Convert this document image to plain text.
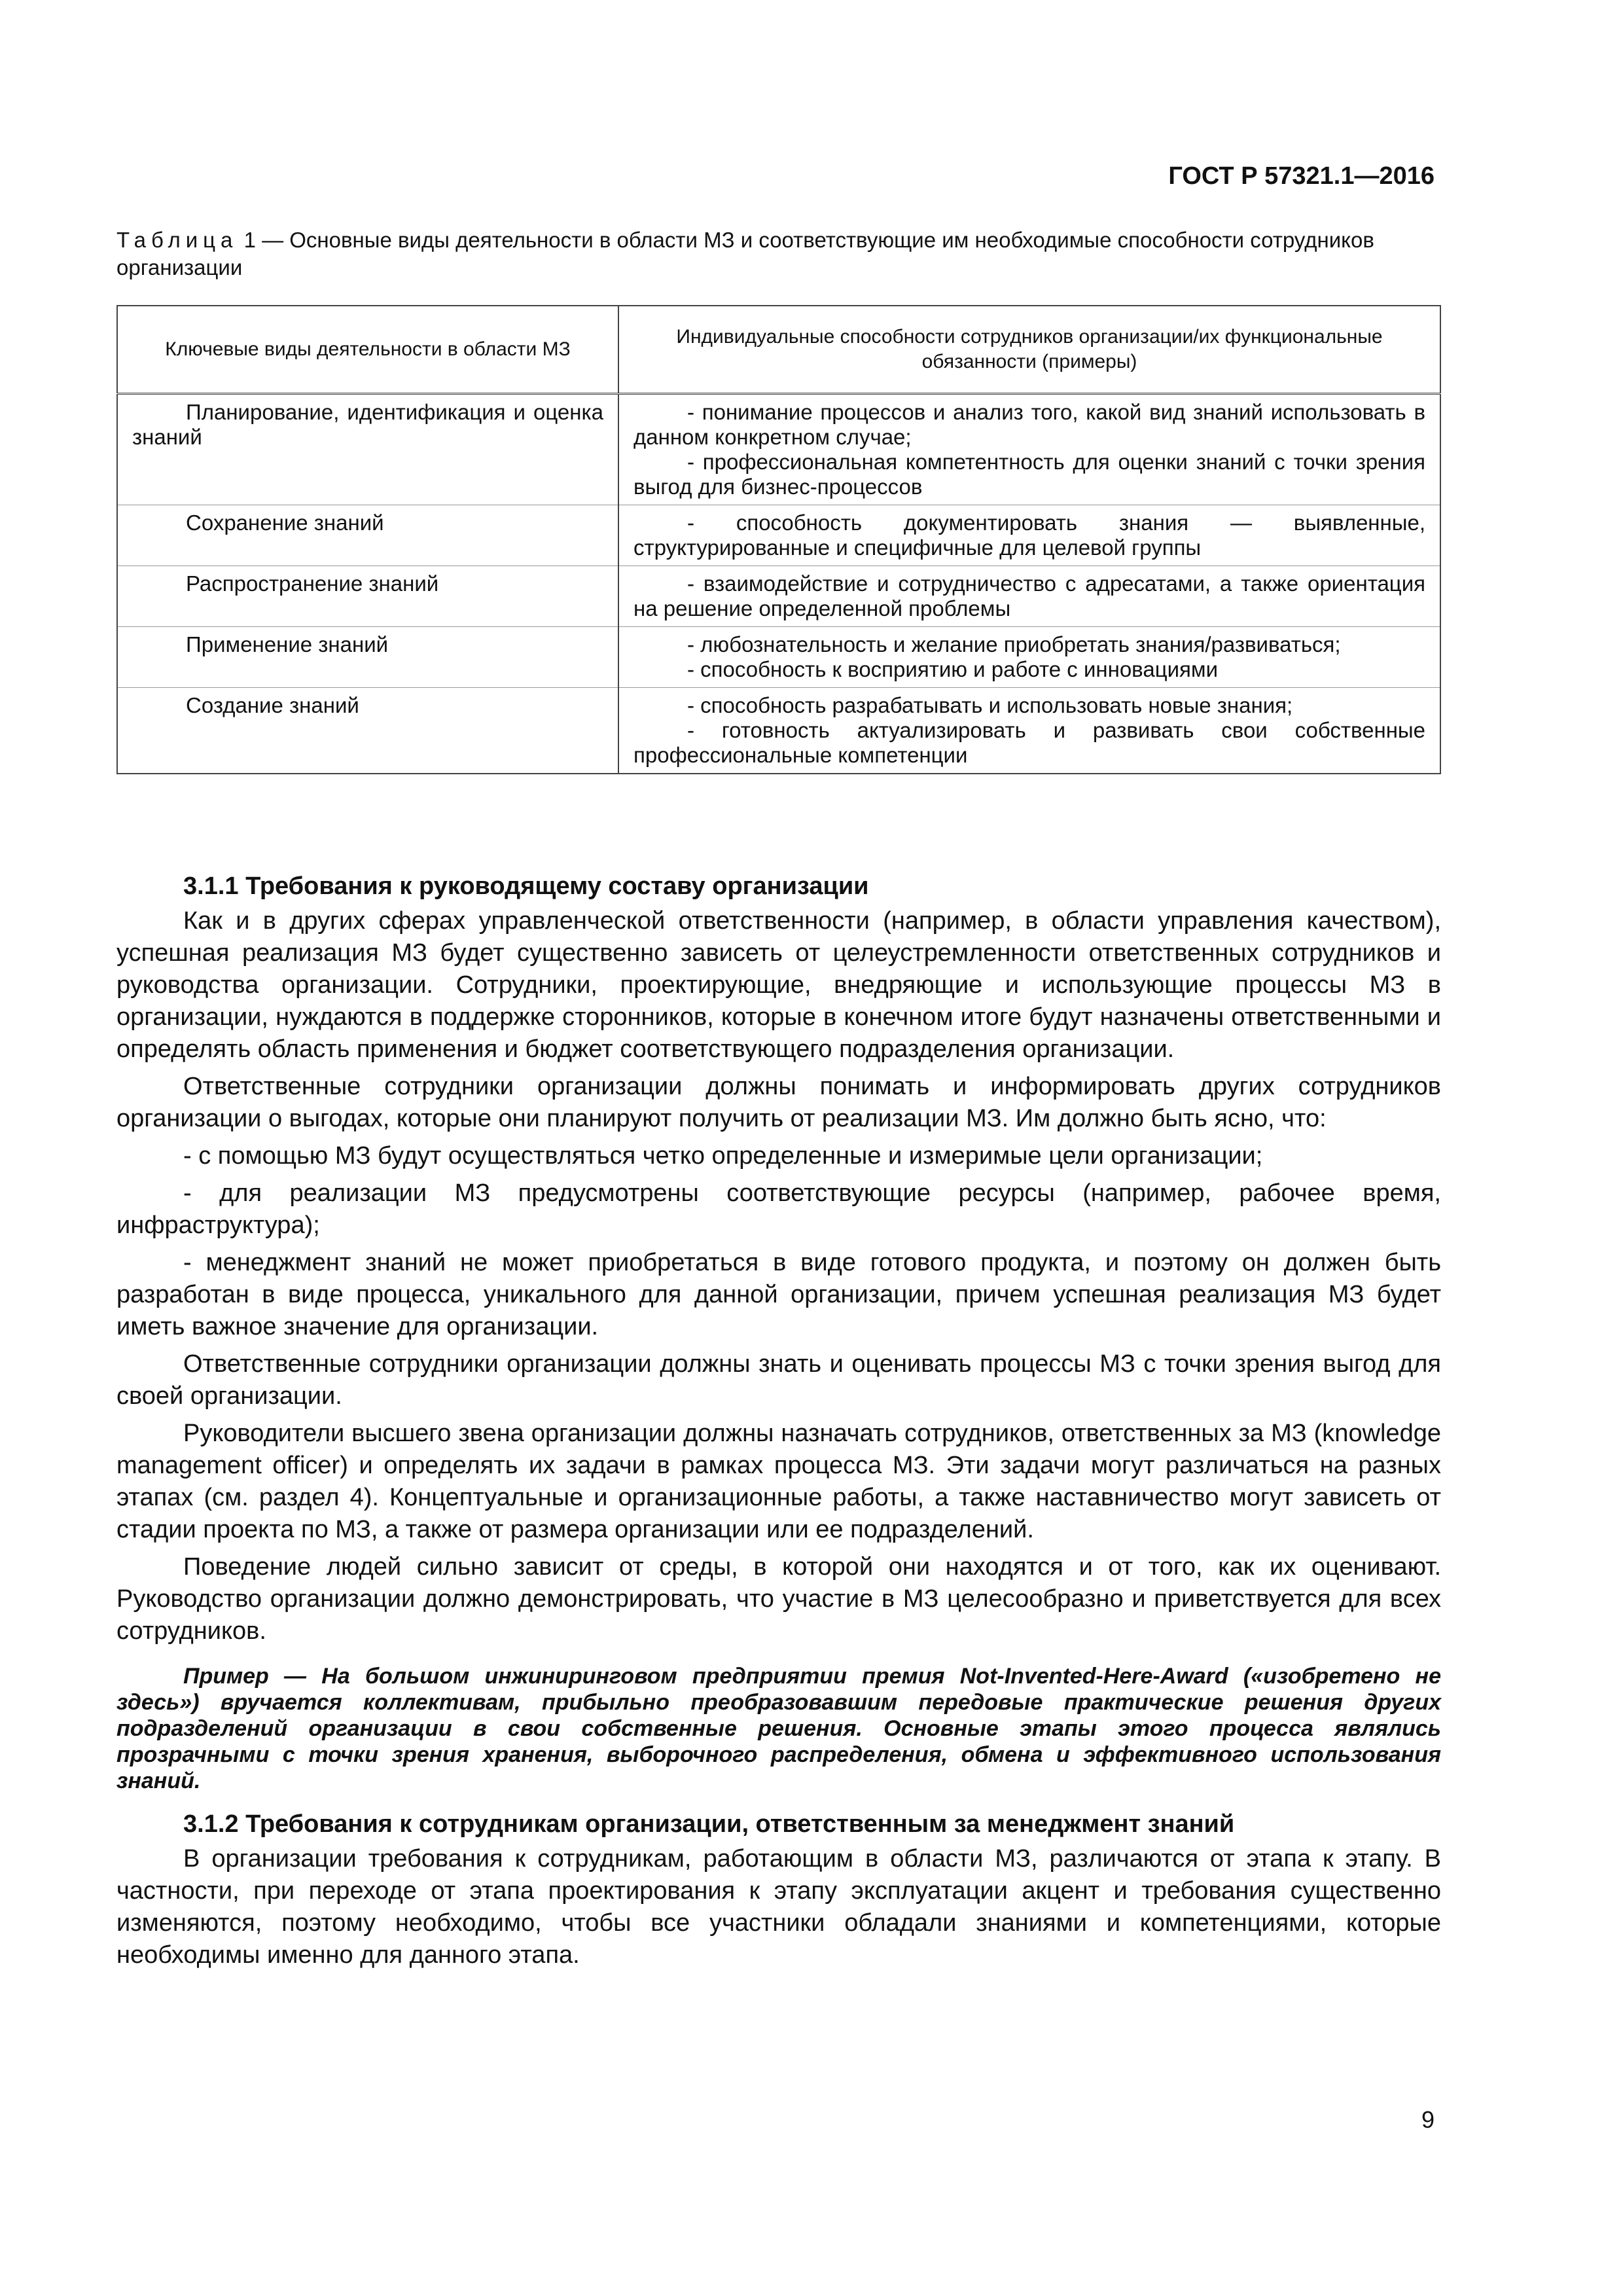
ГОСТ Р 57321.1—2016

Таблица 1 — Основные виды деятельности в области МЗ и соответствующие им необходимые способности сотрудников организации

Ключевые виды деятельности в области МЗ	Индивидуальные способности сотрудников организации/их функциональные обязанности (примеры)
Планирование, идентификация и оценка знаний	- понимание процессов и анализ того, какой вид знаний использовать в данном конкретном случае;

- профессиональная компетентность для оценки знаний с точки зрения выгод для бизнес-процессов

Сохранение знаний	- способность документировать знания — выявленные, структурированные и специфичные для целевой группы

Распространение знаний	- взаимодействие и сотрудничество с адресатами, а также ориентация на решение определенной проблемы

Применение знаний	- любознательность и желание приобретать знания/развиваться;

- способность к восприятию и работе с инновациями

Создание знаний	- способность разрабатывать и использовать новые знания;

- готовность актуализировать и развивать свои собственные профессиональные компетенции

3.1.1 Требования к руководящему составу организации

Как и в других сферах управленческой ответственности (например, в области управления качеством), успешная реализация МЗ будет существенно зависеть от целеустремленности ответственных сотрудников и руководства организации. Сотрудники, проектирующие, внедряющие и использующие процессы МЗ в организации, нуждаются в поддержке сторонников, которые в конечном итоге будут назначены ответственными и определять область применения и бюджет соответствующего подразделения организации.

Ответственные сотрудники организации должны понимать и информировать других сотрудников организации о выгодах, которые они планируют получить от реализации МЗ. Им должно быть ясно, что:

- с помощью МЗ будут осуществляться четко определенные и измеримые цели организации;

- для реализации МЗ предусмотрены соответствующие ресурсы (например, рабочее время, инфраструктура);

- менеджмент знаний не может приобретаться в виде готового продукта, и поэтому он должен быть разработан в виде процесса, уникального для данной организации, причем успешная реализация МЗ будет иметь важное значение для организации.

Ответственные сотрудники организации должны знать и оценивать процессы МЗ с точки зрения выгод для своей организации.

Руководители высшего звена организации должны назначать сотрудников, ответственных за МЗ (knowledge management officer) и определять их задачи в рамках процесса МЗ. Эти задачи могут различаться на разных этапах (см. раздел 4). Концептуальные и организационные работы, а также наставничество могут зависеть от стадии проекта по МЗ, а также от размера организации или ее подразделений.

Поведение людей сильно зависит от среды, в которой они находятся и от того, как их оценивают. Руководство организации должно демонстрировать, что участие в МЗ целесообразно и приветствуется для всех сотрудников.

Пример — На большом инжиниринговом предприятии премия Not-Invented-Here-Award («изобретено не здесь») вручается коллективам, прибыльно преобразовавшим передовые практические решения других подразделений организации в свои собственные решения. Основные этапы этого процесса являлись прозрачными с точки зрения хранения, выборочного распределения, обмена и эффективного использования знаний.

3.1.2 Требования к сотрудникам организации, ответственным за менеджмент знаний

В организации требования к сотрудникам, работающим в области МЗ, различаются от этапа к этапу. В частности, при переходе от этапа проектирования к этапу эксплуатации акцент и требования существенно изменяются, поэтому необходимо, чтобы все участники обладали знаниями и компетенциями, которые необходимы именно для данного этапа.

9
